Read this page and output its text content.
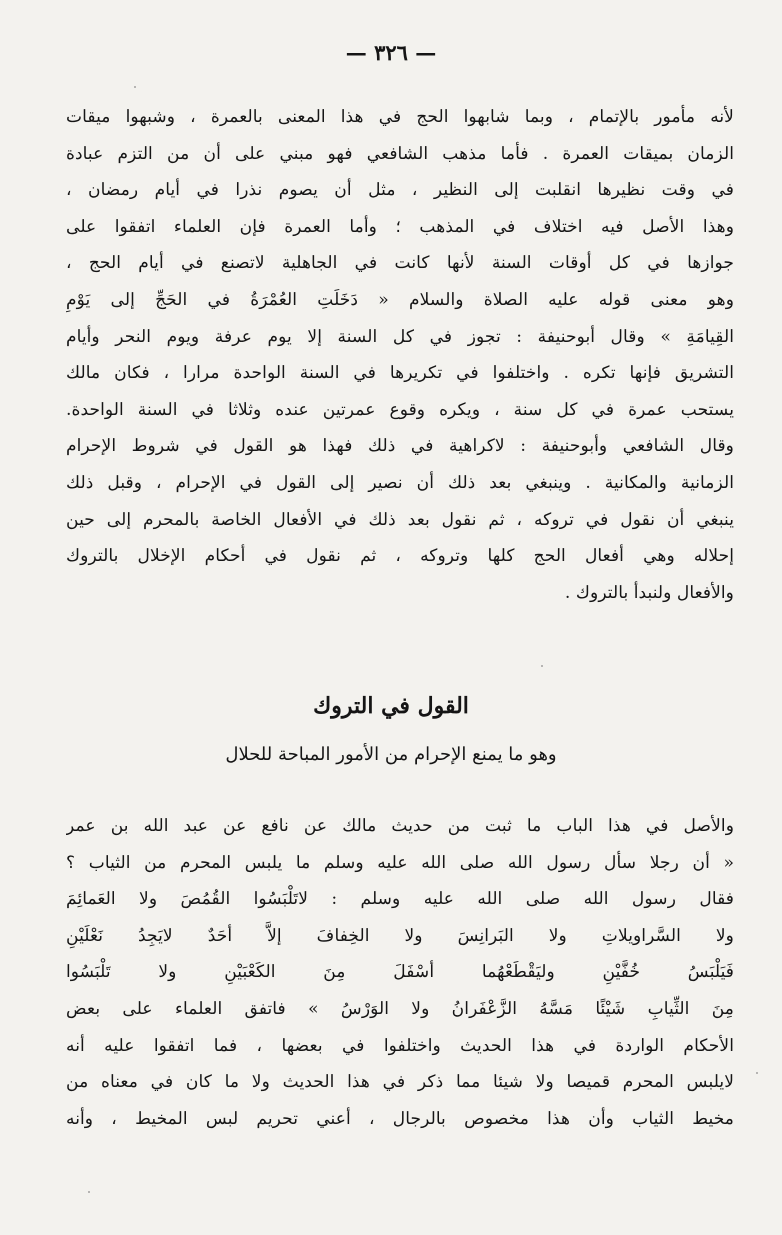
— ٣٢٦ —
لأنه مأمور بالإتمام ، وبما شابهوا الحج في هذا المعنى بالعمرة ، وشبهوا ميقات
الزمان بميقات العمرة . فأما مذهب الشافعي فهو مبني على أن من التزم عبادة
في وقت نظيرها انقلبت إلى النظير ، مثل أن يصوم نذرا في أيام رمضان ،
وهذا الأصل فيه اختلاف في المذهب ؛ وأما العمرة فإن العلماء اتفقوا على
جوازها في كل أوقات السنة لأنها كانت في الجاهلية لاتصنع في أيام الحج ،
وهو معنى قوله عليه الصلاة والسلام « دَخَلَتِ العُمْرَةُ في الحَجِّ إلى يَوْمِ
القِيامَةِ » وقال أبوحنيفة : تجوز في كل السنة إلا يوم عرفة ويوم النحر وأيام
التشريق فإنها تكره . واختلفوا في تكريرها في السنة الواحدة مرارا ، فكان مالك
يستحب عمرة في كل سنة ، ويكره وقوع عمرتين عنده وثلاثا في السنة الواحدة.
وقال الشافعي وأبوحنيفة : لاكراهية في ذلك فهذا هو القول في شروط الإحرام
الزمانية والمكانية . وينبغي بعد ذلك أن نصير إلى القول في الإحرام ، وقبل ذلك
ينبغي أن نقول في تروكه ، ثم نقول بعد ذلك في الأفعال الخاصة بالمحرم إلى حين
إحلاله وهي أفعال الحج كلها وتروكه ، ثم نقول في أحكام الإخلال بالتروك
والأفعال ولنبدأ بالتروك .
القول في التروك
وهو ما يمنع الإحرام من الأمور المباحة للحلال
والأصل في هذا الباب ما ثبت من حديث مالك عن نافع عن عبد الله بن عمر
« أن رجلا سأل رسول الله صلى الله عليه وسلم ما يلبس المحرم من الثياب ؟
فقال رسول الله صلى الله عليه وسلم : لاتَلْبَسُوا القُمُصَ ولا العَمائِمَ
ولا السَّراويلاتِ ولا البَرانِسَ ولا الخِفافَ إلاَّ أحَدٌ لايَجِدُ نَعْلَيْنِ
فَيَلْبَسُ خُفَّيْنِ وليَقْطَعْهُما أسْفَلَ مِنَ الكَعْبَيْنِ ولا تَلْبَسُوا
مِنَ الثِّيابِ شَيْئًا مَسَّهُ الزَّعْفَرانُ ولا الوَرْسُ » فاتفق العلماء على بعض
الأحكام الواردة في هذا الحديث واختلفوا في بعضها ، فما اتفقوا عليه أنه
لايلبس المحرم قميصا ولا شيئا مما ذكر في هذا الحديث ولا ما كان في معناه من
مخيط الثياب وأن هذا مخصوص بالرجال ، أعني تحريم لبس المخيط ، وأنه
